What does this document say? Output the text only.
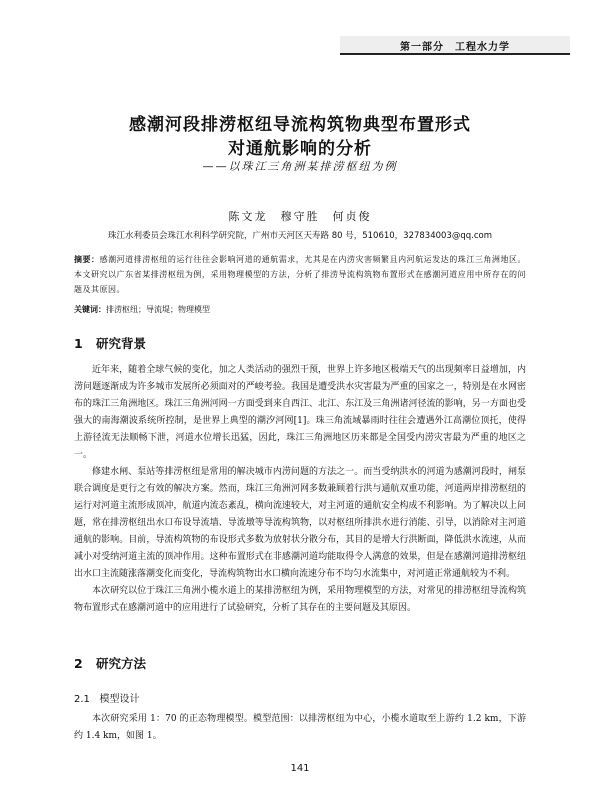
第一部分　工程水力学
感潮河段排涝枢纽导流构筑物典型布置形式
对通航影响的分析
——以珠江三角洲某排涝枢纽为例
陈文龙　穆守胜　何贞俊
珠江水利委员会珠江水利科学研究院，广州市天河区天寿路 80 号，510610，327834003@qq.com
摘要：感潮河道排涝枢纽的运行往往会影响河道的通航需求，尤其是在内涝灾害频繁且内河航运发达的珠江三角洲地区。本文研究以广东省某排涝枢纽为例，采用物理模型的方法，分析了排涝导流构筑物布置形式在感潮河道应用中所存在的问题及其原因。
关键词：排涝枢纽；导流堤；物理模型
1 研究背景

近年来，随着全球气候的变化，加之人类活动的强烈干预，世界上许多地区极端天气的出现频率日益增加，内涝问题逐渐成为许多城市发展所必须面对的严峻考验。我国是遭受洪水灾害最为严重的国家之一，特别是在水网密布的珠江三角洲地区。珠江三角洲河网一方面受到来自西江、北江、东江及三角洲诸河径流的影响，另一方面也受强大的南海潮波系统所控制，是世界上典型的潮汐河网[1]。珠三角流域暴雨时往往会遭遇外江高潮位顶托，使得上游径流无法顺畅下泄，河道水位增长迅猛，因此，珠江三角洲地区历来都是全国受内涝灾害最为严重的地区之一。

修建水闸、泵站等排涝枢纽是常用的解决城市内涝问题的方法之一。而当受纳洪水的河道为感潮河段时，闸泵联合调度是更行之有效的解决方案。然而，珠江三角洲河网多数兼顾着行洪与通航双重功能，河道两岸排涝枢纽的运行对河道主流形成顶冲，航道内流态紊乱，横向流速较大，对主河道的通航安全构成不利影响。为了解决以上问题，常在排涝枢纽出水口布设导流墙、导流墩等导流构筑物，以对枢纽所排洪水进行消能、引导，以消除对主河道通航的影响。目前，导流构筑物的布设形式多数为放射状分散分布，其目的是增大行洪断面，降低洪水流速，从而减小对受纳河道主流的顶冲作用。这种布置形式在非感潮河道均能取得令人满意的效果，但是在感潮河道排涝枢纽出水口主流随涨落潮变化而变化，导流构筑物出水口横向流速分布不均匀水流集中，对河道正常通航较为不利。

本次研究以位于珠江三角洲小榄水道上的某排涝枢纽为例，采用物理模型的方法，对常见的排涝枢纽导流构筑物布置形式在感潮河道中的应用进行了试验研究，分析了其存在的主要问题及其原因。

2 研究方法
2.1 模型设计

本次研究采用 1：70 的正态物理模型。模型范围：以排涝枢纽为中心，小榄水道取至上游约 1.2 km，下游约 1.4 km，如图 1。

141
